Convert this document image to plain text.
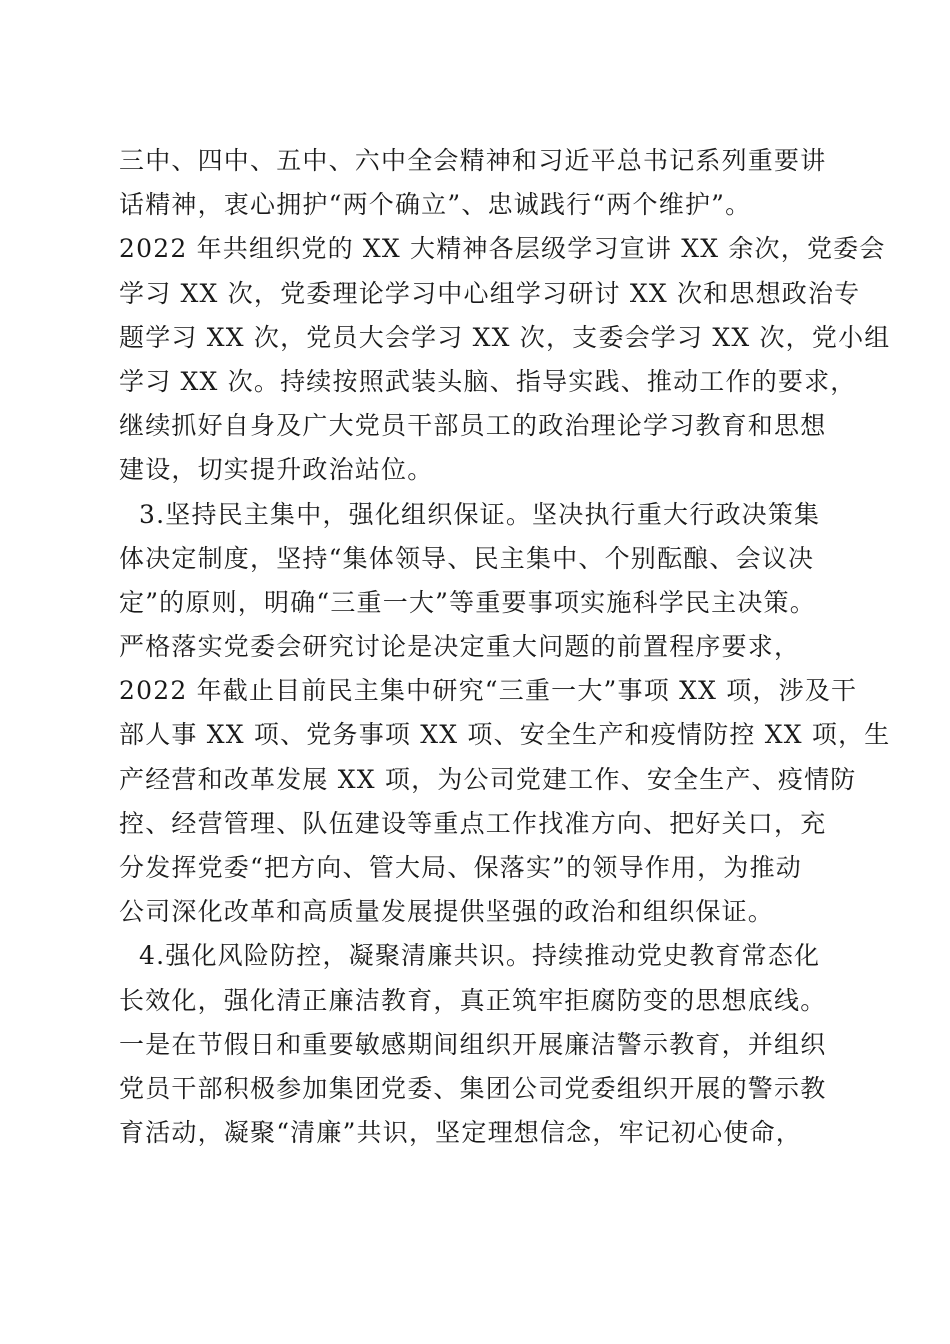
三中、四中、五中、六中全会精神和习近平总书记系列重要讲
话精神，衷心拥护“两个确立”、忠诚践行“两个维护”。
2022 年共组织党的 XX 大精神各层级学习宣讲 XX 余次，党委会
学习 XX 次，党委理论学习中心组学习研讨 XX 次和思想政治专
题学习 XX 次，党员大会学习 XX 次，支委会学习 XX 次，党小组
学习 XX 次。持续按照武装头脑、指导实践、推动工作的要求，
继续抓好自身及广大党员干部员工的政治理论学习教育和思想
建设，切实提升政治站位。
3.坚持民主集中，强化组织保证。坚决执行重大行政决策集
体决定制度，坚持“集体领导、民主集中、个别酝酿、会议决
定”的原则，明确“三重一大”等重要事项实施科学民主决策。
严格落实党委会研究讨论是决定重大问题的前置程序要求，
2022 年截止目前民主集中研究“三重一大”事项 XX 项，涉及干
部人事 XX 项、党务事项 XX 项、安全生产和疫情防控 XX 项，生
产经营和改革发展 XX 项，为公司党建工作、安全生产、疫情防
控、经营管理、队伍建设等重点工作找准方向、把好关口，充
分发挥党委“把方向、管大局、保落实”的领导作用，为推动
公司深化改革和高质量发展提供坚强的政治和组织保证。
4.强化风险防控，凝聚清廉共识。持续推动党史教育常态化
长效化，强化清正廉洁教育，真正筑牢拒腐防变的思想底线。
一是在节假日和重要敏感期间组织开展廉洁警示教育，并组织
党员干部积极参加集团党委、集团公司党委组织开展的警示教
育活动，凝聚“清廉”共识，坚定理想信念，牢记初心使命，
